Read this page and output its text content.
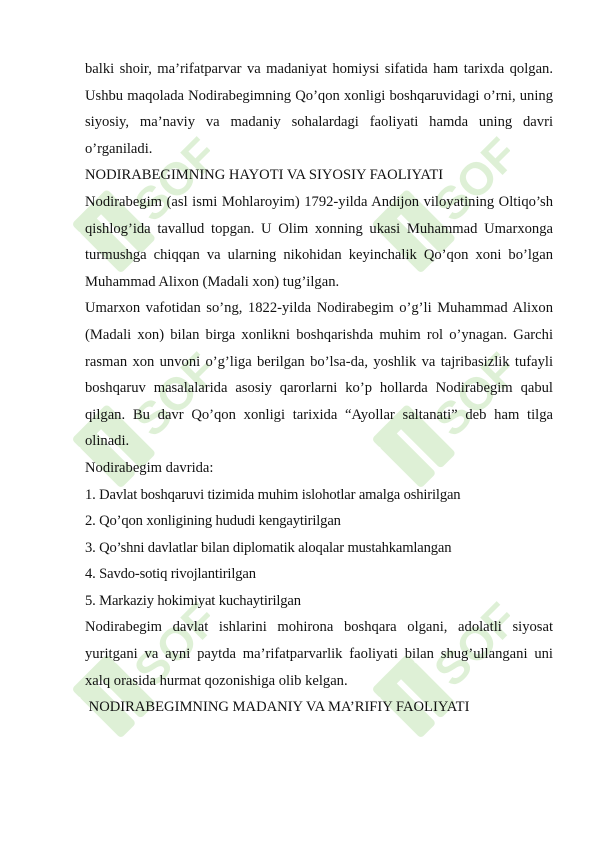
SOF	SOF
SOF	SOF
SOF	SOF

balki shoir, ma’rifatparvar va madaniyat homiysi sifatida ham tarixda qolgan. Ushbu maqolada Nodirabegimning Qo’qon xonligi boshqaruvidagi o’rni, uning siyosiy, ma’naviy va madaniy sohalardagi faoliyati hamda uning davri o’rganiladi.

NODIRABEGIMNING HAYOTI VA SIYOSIY FAOLIYATI

Nodirabegim (asl ismi Mohlaroyim) 1792-yilda Andijon viloyatining Oltiqo’sh qishlog’ida tavallud topgan. U Olim xonning ukasi Muhammad Umarxonga turmushga chiqqan va ularning nikohidan keyinchalik Qo’qon xoni bo’lgan Muhammad Alixon (Madali xon) tug’ilgan.

Umarxon vafotidan so’ng, 1822-yilda Nodirabegim o’g’li Muhammad Alixon (Madali xon) bilan birga xonlikni boshqarishda muhim rol o’ynagan. Garchi rasman xon unvoni o’g’liga berilgan bo’lsa-da, yoshlik va tajribasizlik tufayli boshqaruv masalalarida asosiy qarorlarni ko’p hollarda Nodirabegim qabul qilgan. Bu davr Qo’qon xonligi tarixida “Ayollar saltanati” deb ham tilga olinadi.

Nodirabegim davrida:

1. Davlat boshqaruvi tizimida muhim islohotlar amalga oshirilgan

2. Qo’qon xonligining hududi kengaytirilgan

3. Qo’shni davlatlar bilan diplomatik aloqalar mustahkamlangan

4. Savdo-sotiq rivojlantirilgan

5. Markaziy hokimiyat kuchaytirilgan

Nodirabegim davlat ishlarini mohirona boshqara olgani, adolatli siyosat yuritgani va ayni paytda ma’rifatparvarlik faoliyati bilan shug’ullangani uni xalq orasida hurmat qozonishiga olib kelgan.

NODIRABEGIMNING MADANIY VA MA’RIFIY FAOLIYATI
